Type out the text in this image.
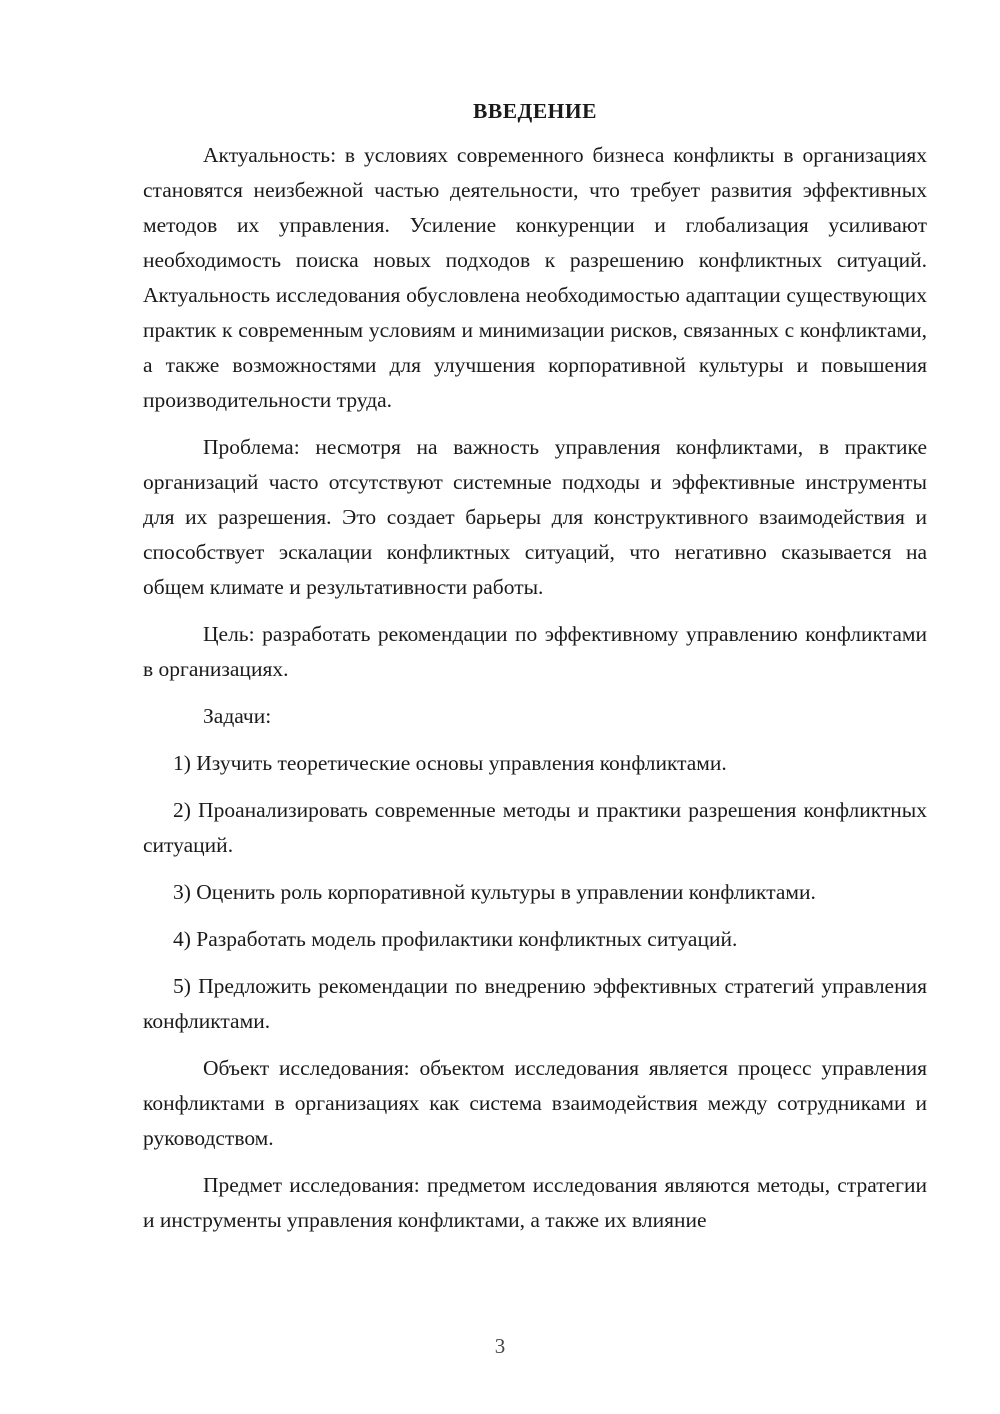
ВВЕДЕНИЕ

Актуальность: в условиях современного бизнеса конфликты в организациях становятся неизбежной частью деятельности, что требует развития эффективных методов их управления. Усиление конкуренции и глобализация усиливают необходимость поиска новых подходов к разрешению конфликтных ситуаций. Актуальность исследования обусловлена необходимостью адаптации существующих практик к современным условиям и минимизации рисков, связанных с конфликтами, а также возможностями для улучшения корпоративной культуры и повышения производительности труда.

Проблема: несмотря на важность управления конфликтами, в практике организаций часто отсутствуют системные подходы и эффективные инструменты для их разрешения. Это создает барьеры для конструктивного взаимодействия и способствует эскалации конфликтных ситуаций, что негативно сказывается на общем климате и результативности работы.

Цель: разработать рекомендации по эффективному управлению конфликтами в организациях.

Задачи:

1) Изучить теоретические основы управления конфликтами.

2) Проанализировать современные методы и практики разрешения конфликтных ситуаций.

3) Оценить роль корпоративной культуры в управлении конфликтами.

4) Разработать модель профилактики конфликтных ситуаций.

5) Предложить рекомендации по внедрению эффективных стратегий управления конфликтами.

Объект исследования: объектом исследования является процесс управления конфликтами в организациях как система взаимодействия между сотрудниками и руководством.

Предмет исследования: предметом исследования являются методы, стратегии и инструменты управления конфликтами, а также их влияние

3
